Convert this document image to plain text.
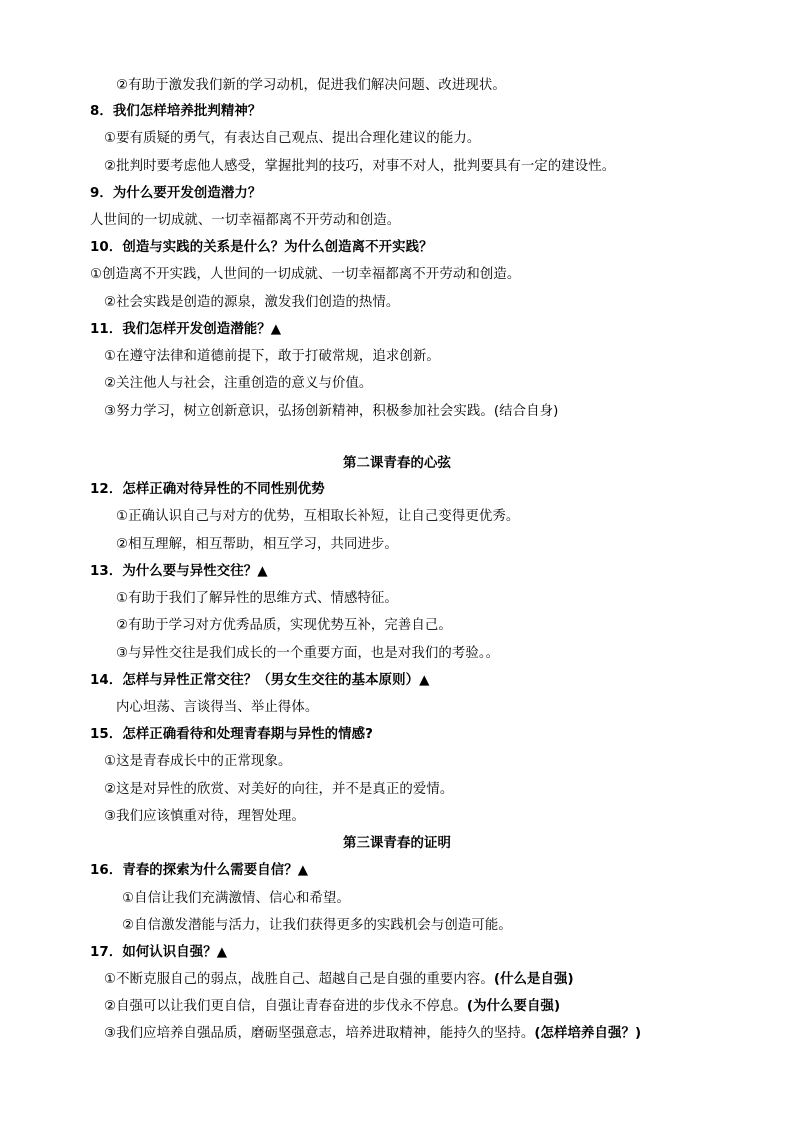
②有助于激发我们新的学习动机，促进我们解决问题、改进现状。
8．我们怎样培养批判精神？
①要有质疑的勇气，有表达自己观点、提出合理化建议的能力。
②批判时要考虑他人感受，掌握批判的技巧，对事不对人，批判要具有一定的建设性。
9．为什么要开发创造潜力？
人世间的一切成就、一切幸福都离不开劳动和创造。
10．创造与实践的关系是什么？为什么创造离不开实践？
①创造离不开实践，人世间的一切成就、一切幸福都离不开劳动和创造。
②社会实践是创造的源泉，激发我们创造的热情。
11．我们怎样开发创造潜能？▲
①在遵守法律和道德前提下，敢于打破常规，追求创新。
②关注他人与社会，注重创造的意义与价值。
③努力学习，树立创新意识，弘扬创新精神，积极参加社会实践。(结合自身)
第二课青春的心弦
12．怎样正确对待异性的不同性别优势
①正确认识自己与对方的优势，互相取长补短，让自己变得更优秀。
②相互理解，相互帮助，相互学习，共同进步。
13．为什么要与异性交往？▲
①有助于我们了解异性的思维方式、情感特征。
②有助于学习对方优秀品质，实现优势互补，完善自己。
③与异性交往是我们成长的一个重要方面，也是对我们的考验。。
14．怎样与异性正常交往？（男女生交往的基本原则）▲
内心坦荡、言谈得当、举止得体。
15．怎样正确看待和处理青春期与异性的情感?
①这是青春成长中的正常现象。
②这是对异性的欣赏、对美好的向往，并不是真正的爱情。
③我们应该慎重对待，理智处理。
第三课青春的证明
16．青春的探索为什么需要自信？▲
①自信让我们充满激情、信心和希望。
②自信激发潜能与活力，让我们获得更多的实践机会与创造可能。
17．如何认识自强？▲
①不断克服自己的弱点，战胜自己、超越自己是自强的重要内容。(什么是自强)
②自强可以让我们更自信，自强让青春奋进的步伐永不停息。(为什么要自强)
③我们应培养自强品质，磨砺坚强意志，培养进取精神，能持久的坚持。(怎样培养自强？)
